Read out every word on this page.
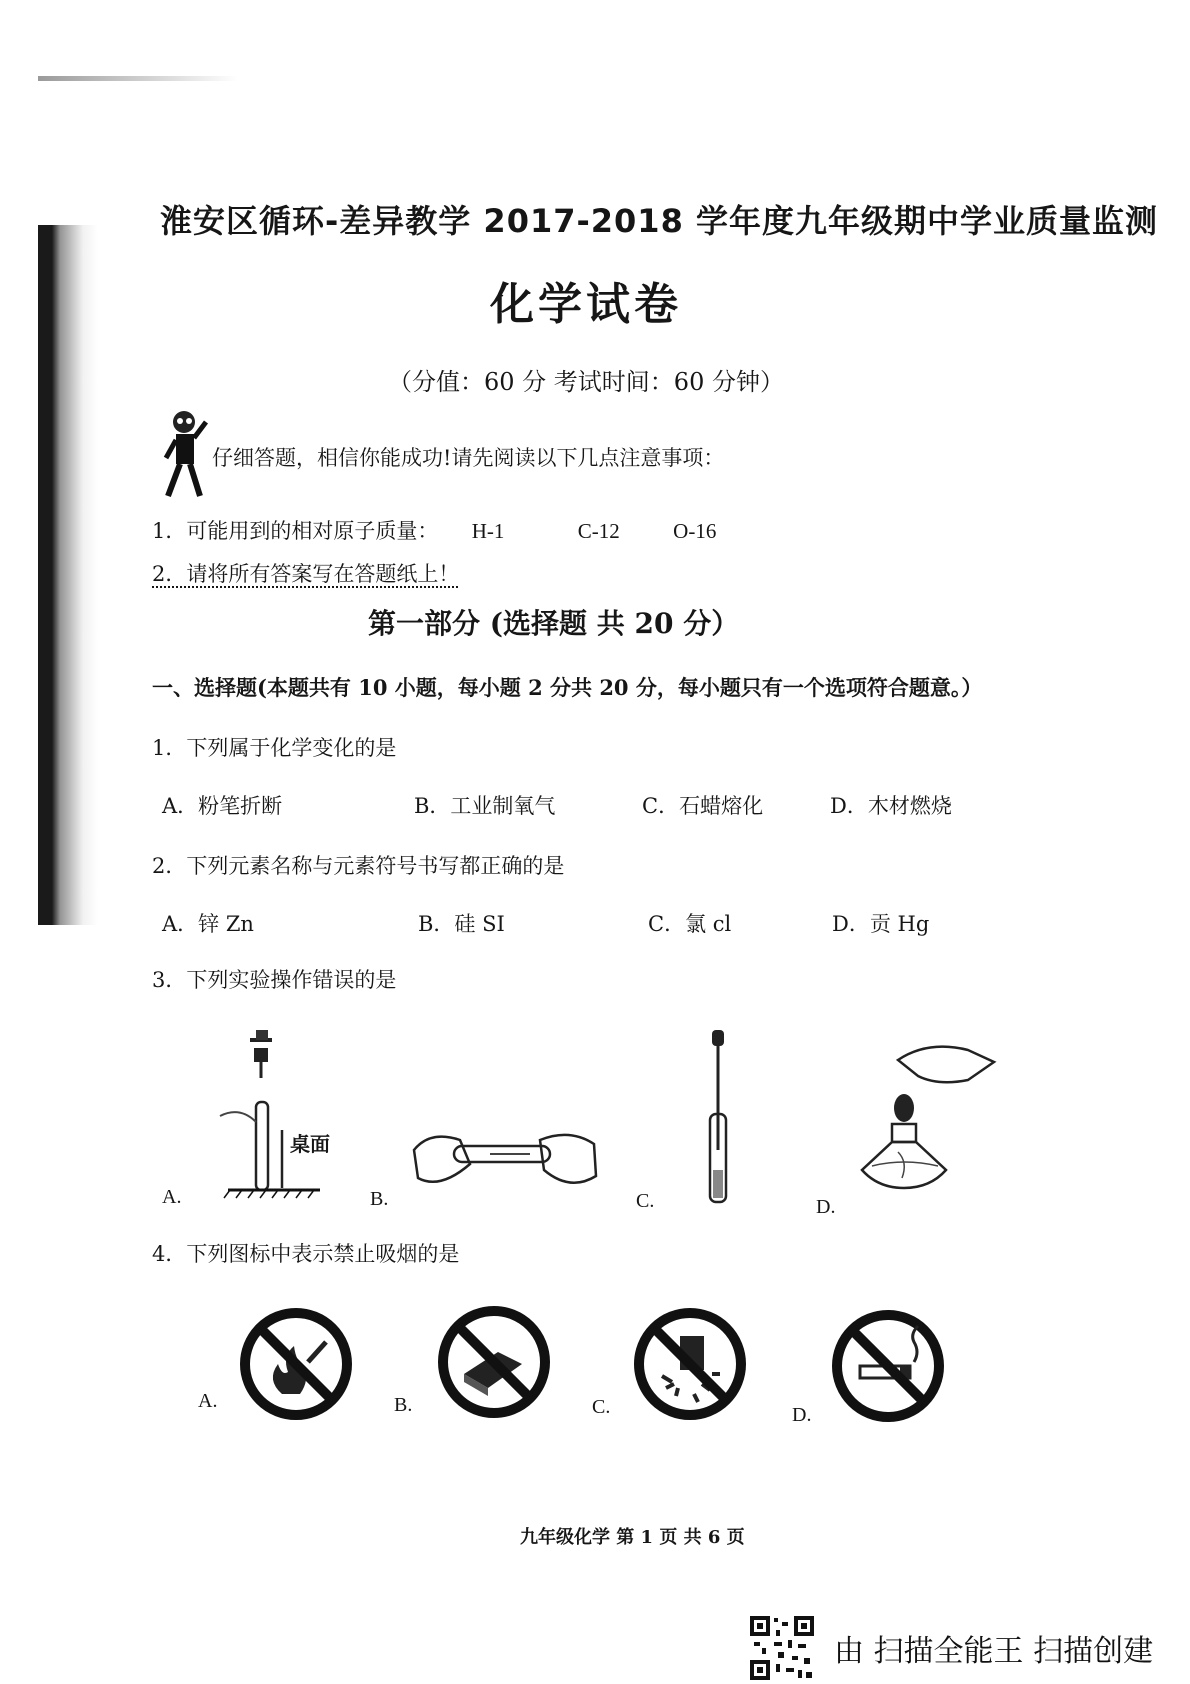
淮安区循环-差异教学 2017-2018 学年度九年级期中学业质量监测
化学试卷
（分值：60 分 考试时间：60 分钟）
仔细答题，相信你能成功!请先阅读以下几点注意事项：
1．可能用到的相对原子质量： H-1	C-12	O-16
2．请将所有答案写在答题纸上！
第一部分 (选择题 共 20 分）
一、选择题(本题共有 10 小题，每小题 2 分共 20 分，每小题只有一个选项符合题意。）
1．下列属于化学变化的是
A．粉笔折断	B．工业制氧气	C．石蜡熔化	D．木材燃烧
2．下列元素名称与元素符号书写都正确的是
A．锌 Zn	B．硅 SI	C．氯 cl	D．贡 Hg
3．下列实验操作错误的是
桌面
A.	B.	C.	D.
4．下列图标中表示禁止吸烟的是
A.	B.	C.	D.
九年级化学 第 1 页 共 6 页
由 扫描全能王 扫描创建
